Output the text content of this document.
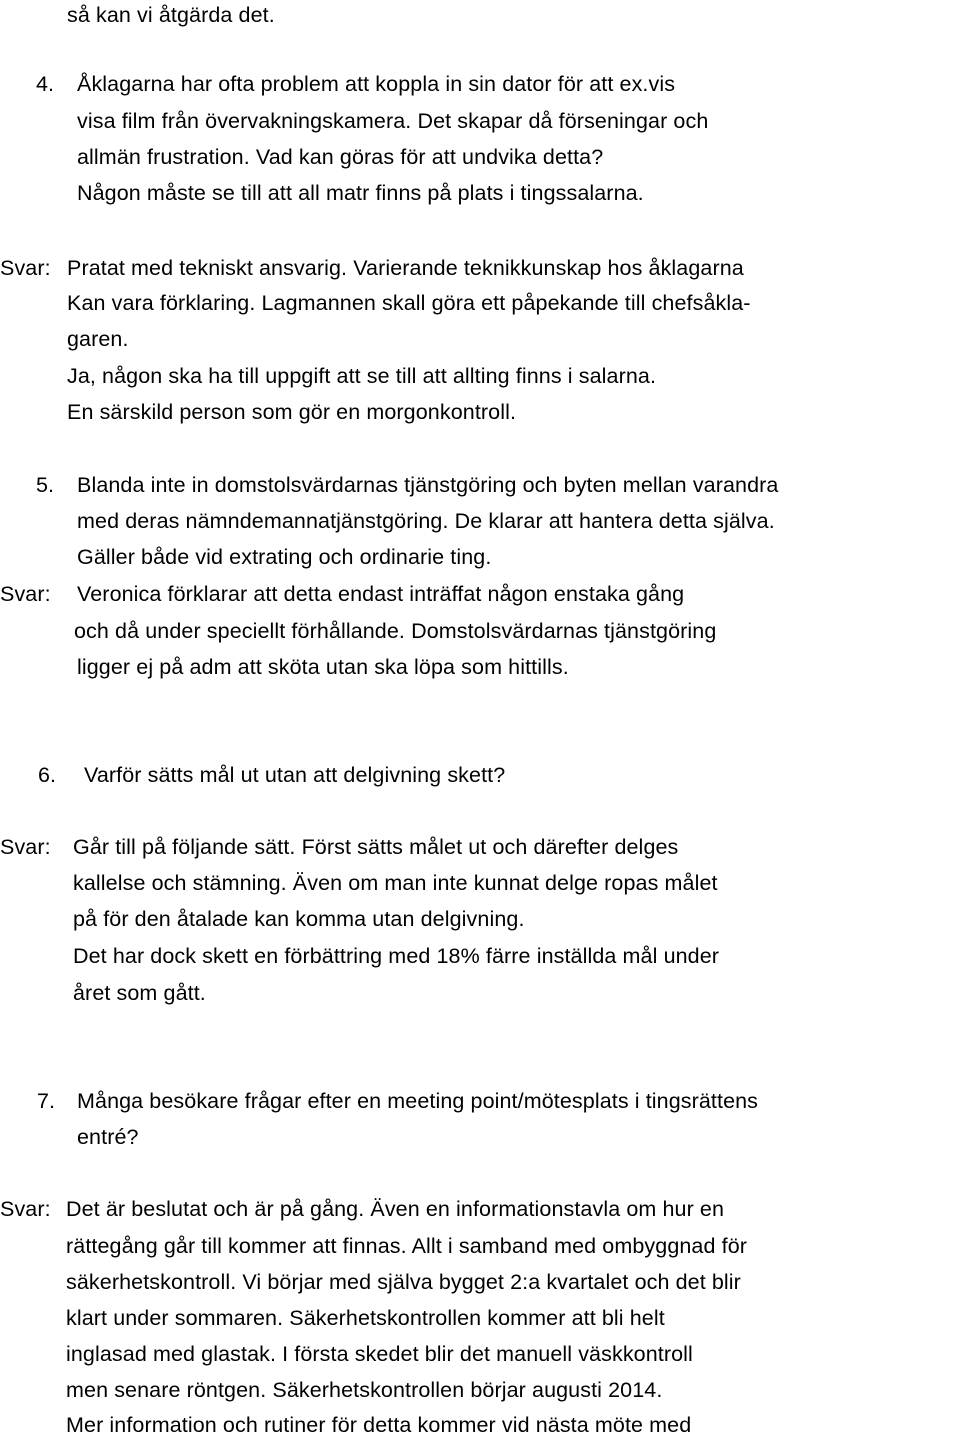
så kan vi åtgärda det.
4. Åklagarna har ofta problem att koppla in sin dator för att ex.vis
visa film från övervakningskamera. Det skapar då förseningar och
allmän frustration. Vad kan göras för att undvika detta?
Någon måste se till att all matr finns på plats i tingssalarna.
Svar: Pratat med tekniskt ansvarig. Varierande teknikkunskap hos åklagarna
Kan vara förklaring. Lagmannen skall göra ett påpekande till chefsåkla-
garen.
Ja, någon ska ha till uppgift att se till att allting finns i salarna.
En särskild person som gör en morgonkontroll.
5. Blanda inte in domstolsvärdarnas tjänstgöring och byten mellan varandra
med deras nämndemannatjänstgöring. De klarar att hantera detta själva.
Gäller både vid extrating och ordinarie ting.
Svar: Veronica förklarar att detta endast inträffat någon enstaka gång
och då under speciellt förhållande. Domstolsvärdarnas tjänstgöring
ligger ej på adm att sköta utan ska löpa som hittills.
6. Varför sätts mål ut utan att delgivning skett?
Svar: Går till på följande sätt. Först sätts målet ut och därefter delges
kallelse och stämning. Även om man inte kunnat delge ropas målet
på för den åtalade kan komma utan delgivning.
Det har dock skett en förbättring med 18% färre inställda mål under
året som gått.
7. Många besökare frågar efter en meeting point/mötesplats i tingsrättens
entré?
Svar: Det är beslutat och är på gång. Även en informationstavla om hur en
rättegång går till kommer att finnas. Allt i samband med ombyggnad för
säkerhetskontroll. Vi börjar med själva bygget 2:a kvartalet och det blir
klart under sommaren. Säkerhetskontrollen kommer att bli helt
inglasad med glastak. I första skedet blir det manuell väskkontroll
men senare röntgen. Säkerhetskontrollen börjar augusti 2014.
Mer information och rutiner för detta kommer vid nästa möte med
